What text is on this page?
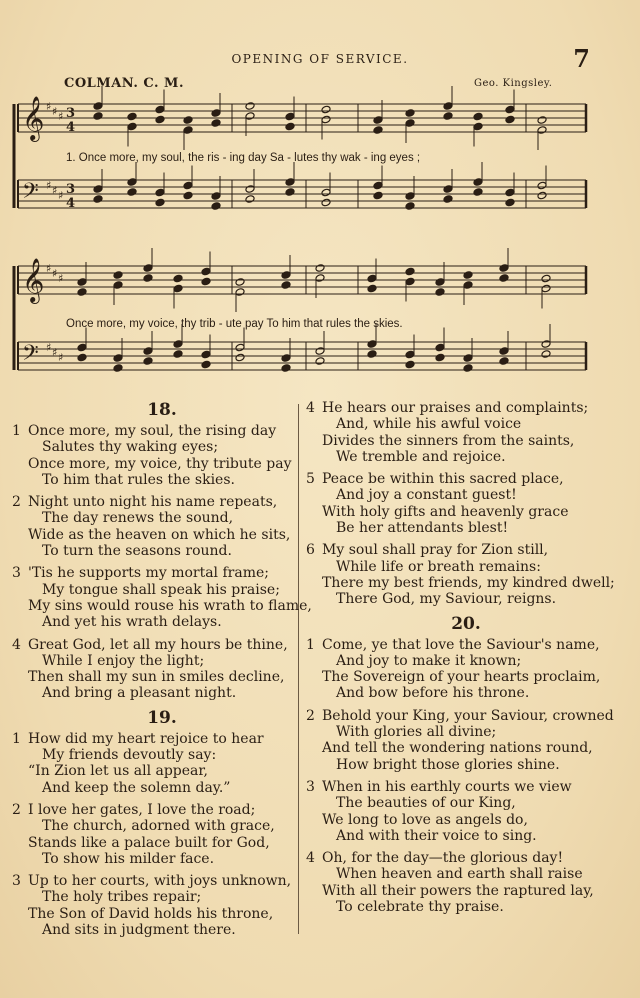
OPENING OF SERVICE.	7
COLMAN. C. M.	Geo. Kingsley.
𝄞 ♯ ♯ ♯ 3
4
𝄢 ♯ ♯ ♯ 3
4
𝄞 ♯ ♯ ♯
𝄢 ♯ ♯ ♯
1. Once more, my soul, the ris - ing day Sa - lutes thy wak - ing eyes ;
Once more, my voice, thy trib - ute pay To him that rules the skies.
18.
1 Once more, my soul, the rising day
Salutes thy waking eyes;
Once more, my voice, thy tribute pay
To him that rules the skies.
2 Night unto night his name repeats,
The day renews the sound,
Wide as the heaven on which he sits,
To turn the seasons round.
3 'Tis he supports my mortal frame;
My tongue shall speak his praise;
My sins would rouse his wrath to flame,
And yet his wrath delays.
4 Great God, let all my hours be thine,
While I enjoy the light;
Then shall my sun in smiles decline,
And bring a pleasant night.
19.
1 How did my heart rejoice to hear
My friends devoutly say:
“In Zion let us all appear,
And keep the solemn day.”
2 I love her gates, I love the road;
The church, adorned with grace,
Stands like a palace built for God,
To show his milder face.
3 Up to her courts, with joys unknown,
The holy tribes repair;
The Son of David holds his throne,
And sits in judgment there.
4 He hears our praises and complaints;
And, while his awful voice
Divides the sinners from the saints,
We tremble and rejoice.
5 Peace be within this sacred place,
And joy a constant guest!
With holy gifts and heavenly grace
Be her attendants blest!
6 My soul shall pray for Zion still,
While life or breath remains:
There my best friends, my kindred dwell;
There God, my Saviour, reigns.
20.
1 Come, ye that love the Saviour's name,
And joy to make it known;
The Sovereign of your hearts proclaim,
And bow before his throne.
2 Behold your King, your Saviour, crowned
With glories all divine;
And tell the wondering nations round,
How bright those glories shine.
3 When in his earthly courts we view
The beauties of our King,
We long to love as angels do,
And with their voice to sing.
4 Oh, for the day—the glorious day!
When heaven and earth shall raise
With all their powers the raptured lay,
To celebrate thy praise.
